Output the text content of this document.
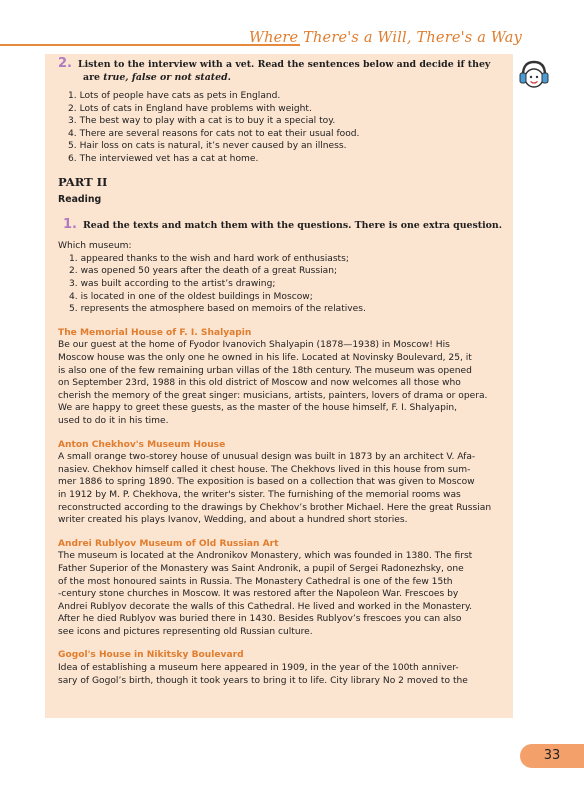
Where There's a Will, There's a Way
2. Listen to the interview with a vet. Read the sentences below and decide if they
are true, false or not stated.
1. Lots of people have cats as pets in England.
2. Lots of cats in England have problems with weight.
3. The best way to play with a cat is to buy it a special toy.
4. There are several reasons for cats not to eat their usual food.
5. Hair loss on cats is natural, it’s never caused by an illness.
6. The interviewed vet has a cat at home.
PART II
Reading
1. Read the texts and match them with the questions. There is one extra question.
Which museum:
1. appeared thanks to the wish and hard work of enthusiasts;
2. was opened 50 years after the death of a great Russian;
3. was built according to the artist’s drawing;
4. is located in one of the oldest buildings in Moscow;
5. represents the atmosphere based on memoirs of the relatives.
The Memorial House of F. I. Shalyapin
Be our guest at the home of Fyodor Ivanovich Shalyapin (1878—1938) in Moscow! His
Moscow house was the only one he owned in his life. Located at Novinsky Boulevard, 25, it
is also one of the few remaining urban villas of the 18th century. The museum was opened
on September 23rd, 1988 in this old district of Moscow and now welcomes all those who
cherish the memory of the great singer: musicians, artists, painters, lovers of drama or opera.
We are happy to greet these guests, as the master of the house himself, F. I. Shalyapin,
used to do it in his time.
Anton Chekhov's Museum House
A small orange two-storey house of unusual design was built in 1873 by an architect V. Afa-
nasiev. Chekhov himself called it chest house. The Chekhovs lived in this house from sum-
mer 1886 to spring 1890. The exposition is based on a collection that was given to Moscow
in 1912 by M. P. Chekhova, the writer's sister. The furnishing of the memorial rooms was
reconstructed according to the drawings by Chekhov’s brother Michael. Here the great Russian
writer created his plays Ivanov, Wedding, and about a hundred short stories.
Andrei Rublyov Museum of Old Russian Art
The museum is located at the Andronikov Monastery, which was founded in 1380. The first
Father Superior of the Monastery was Saint Andronik, a pupil of Sergei Radonezhsky, one
of the most honoured saints in Russia. The Monastery Cathedral is one of the few 15th
-century stone churches in Moscow. It was restored after the Napoleon War. Frescoes by
Andrei Rublyov decorate the walls of this Cathedral. He lived and worked in the Monastery.
After he died Rublyov was buried there in 1430. Besides Rublyov’s frescoes you can also
see icons and pictures representing old Russian culture.
Gogol's House in Nikitsky Boulevard
Idea of establishing a museum here appeared in 1909, in the year of the 100th anniver-
sary of Gogol’s birth, though it took years to bring it to life. City library No 2 moved to the
33
